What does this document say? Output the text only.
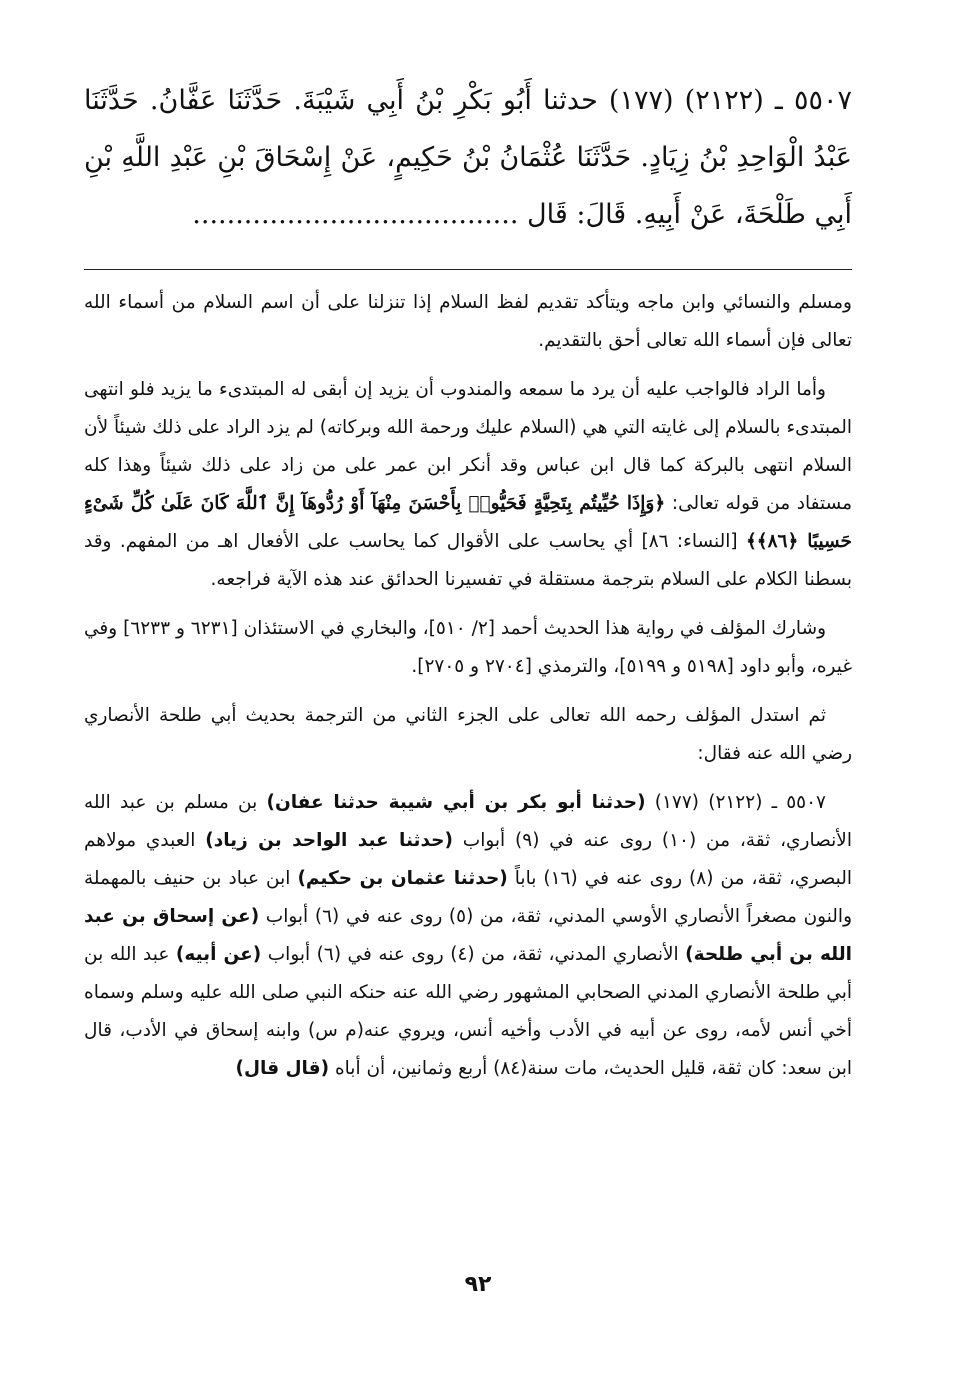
٥٥٠٧ ـ (٢١٢٢) (١٧٧) حدثنا أَبُو بَكْرِ بْنُ أَبِي شَيْبَةَ. حَدَّثَنَا عَفَّانُ. حَدَّثَنَا عَبْدُ الْوَاحِدِ بْنُ زِيَادٍ. حَدَّثَنَا عُثْمَانُ بْنُ حَكِيمٍ، عَنْ إِسْحَاقَ بْنِ عَبْدِ اللَّهِ بْنِ أَبِي طَلْحَةَ، عَنْ أَبِيهِ. قَالَ: قَال ......................................

ومسلم والنسائي وابن ماجه ويتأكد تقديم لفظ السلام إذا تنزلنا على أن اسم السلام من أسماء الله تعالى فإن أسماء الله تعالى أحق بالتقديم.

وأما الراد فالواجب عليه أن يرد ما سمعه والمندوب أن يزيد إن أبقى له المبتدىء ما يزيد فلو انتهى المبتدىء بالسلام إلى غايته التي هي (السلام عليك ورحمة الله وبركاته) لم يزد الراد على ذلك شيئاً لأن السلام انتهى بالبركة كما قال ابن عباس وقد أنكر ابن عمر على من زاد على ذلك شيئاً وهذا كله مستفاد من قوله تعالى: ﴿وَإِذَا حُيِّيتُم بِتَحِيَّةٍ فَحَيُّوا۟ بِأَحْسَنَ مِنْهَآ أَوْ رُدُّوهَآ إِنَّ ٱللَّهَ كَانَ عَلَىٰ كُلِّ شَىْءٍ حَسِيبًا ﴿٨٦﴾﴾ [النساء: ٨٦] أي يحاسب على الأقوال كما يحاسب على الأفعال اهـ من المفهم. وقد بسطنا الكلام على السلام بترجمة مستقلة في تفسيرنا الحدائق عند هذه الآية فراجعه.

وشارك المؤلف في رواية هذا الحديث أحمد [٢/ ٥١٠]، والبخاري في الاستئذان [٦٢٣١ و ٦٢٣٣] وفي غيره، وأبو داود [٥١٩٨ و ٥١٩٩]، والترمذي [٢٧٠٤ و ٢٧٠٥].

ثم استدل المؤلف رحمه الله تعالى على الجزء الثاني من الترجمة بحديث أبي طلحة الأنصاري رضي الله عنه فقال:

٥٥٠٧ ـ (٢١٢٢) (١٧٧) (حدثنا أبو بكر بن أبي شيبة حدثنا عفان) بن مسلم بن عبد الله الأنصاري، ثقة، من (١٠) روى عنه في (٩) أبواب (حدثنا عبد الواحد بن زياد) العبدي مولاهم البصري، ثقة، من (٨) روى عنه في (١٦) باباً (حدثنا عثمان بن حكيم) ابن عباد بن حنيف بالمهملة والنون مصغراً الأنصاري الأوسي المدني، ثقة، من (٥) روى عنه في (٦) أبواب (عن إسحاق بن عبد الله بن أبي طلحة) الأنصاري المدني، ثقة، من (٤) روى عنه في (٦) أبواب (عن أبيه) عبد الله بن أبي طلحة الأنصاري المدني الصحابي المشهور رضي الله عنه حنكه النبي صلى الله عليه وسلم وسماه أخي أنس لأمه، روى عن أبيه في الأدب وأخيه أنس، ويروي عنه(م س) وابنه إسحاق في الأدب، قال ابن سعد: كان ثقة، قليل الحديث، مات سنة(٨٤) أربع وثمانين، أن أباه (قال قال)

٩٢
